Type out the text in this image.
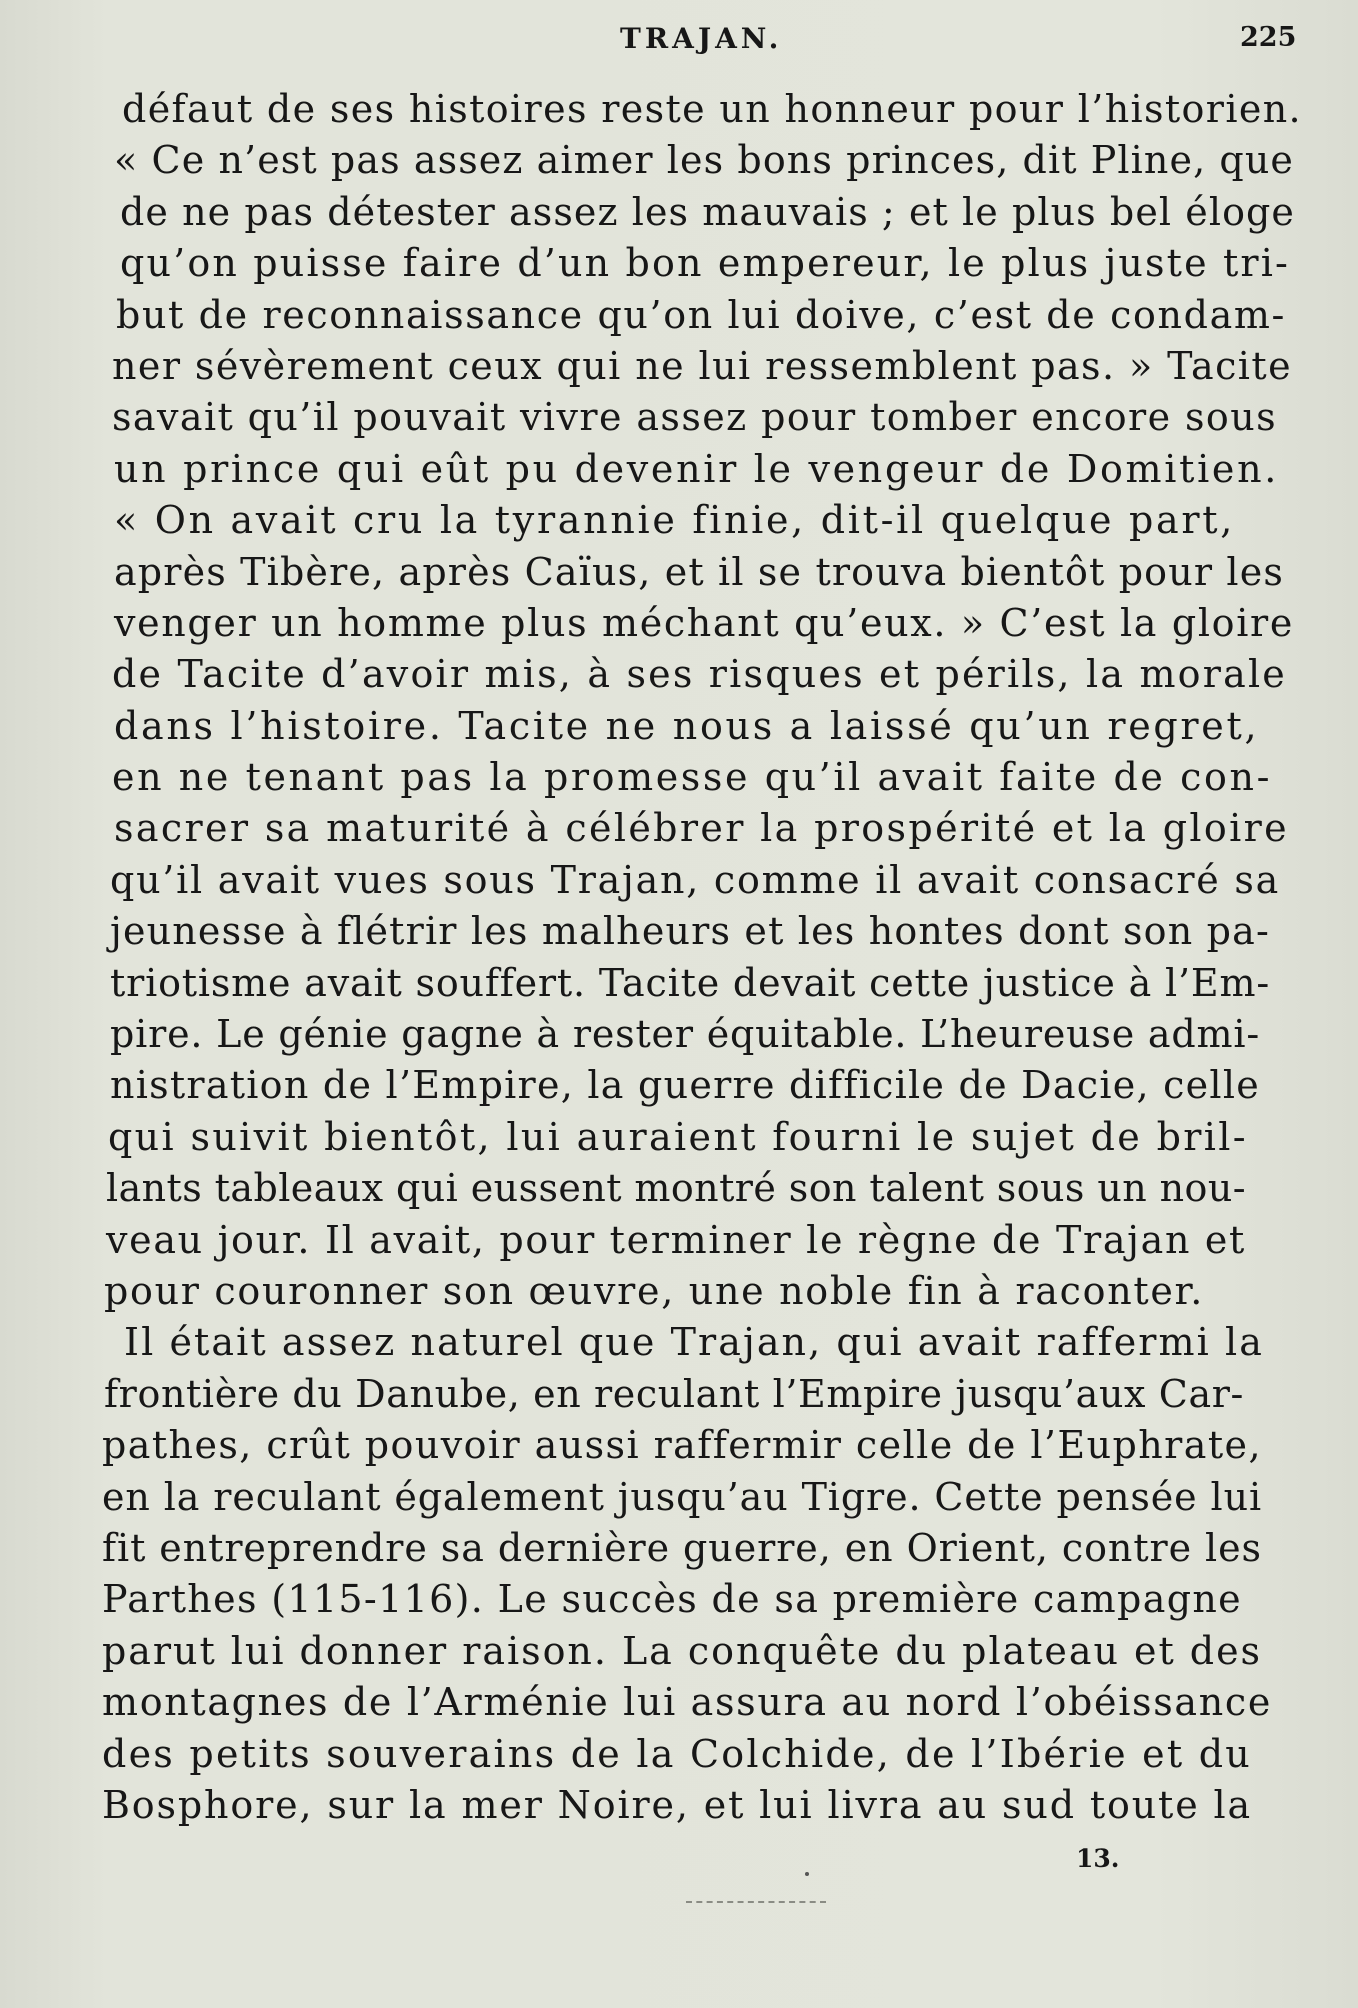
TRAJAN.	225
défaut de ses histoires reste un honneur pour l’historien.
« Ce n’est pas assez aimer les bons princes, dit Pline, que
de ne pas détester assez les mauvais ; et le plus bel éloge
qu’on puisse faire d’un bon empereur, le plus juste tri-
but de reconnaissance qu’on lui doive, c’est de condam-
ner sévèrement ceux qui ne lui ressemblent pas. » Tacite
savait qu’il pouvait vivre assez pour tomber encore sous
un prince qui eût pu devenir le vengeur de Domitien.
« On avait cru la tyrannie finie, dit-il quelque part,
après Tibère, après Caïus, et il se trouva bientôt pour les
venger un homme plus méchant qu’eux. » C’est la gloire
de Tacite d’avoir mis, à ses risques et périls, la morale
dans l’histoire. Tacite ne nous a laissé qu’un regret,
en ne tenant pas la promesse qu’il avait faite de con-
sacrer sa maturité à célébrer la prospérité et la gloire
qu’il avait vues sous Trajan, comme il avait consacré sa
jeunesse à flétrir les malheurs et les hontes dont son pa-
triotisme avait souffert. Tacite devait cette justice à l’Em-
pire. Le génie gagne à rester équitable. L’heureuse admi-
nistration de l’Empire, la guerre difficile de Dacie, celle
qui suivit bientôt, lui auraient fourni le sujet de bril-
lants tableaux qui eussent montré son talent sous un nou-
veau jour. Il avait, pour terminer le règne de Trajan et
pour couronner son œuvre, une noble fin à raconter.
Il était assez naturel que Trajan, qui avait raffermi la
frontière du Danube, en reculant l’Empire jusqu’aux Car-
pathes, crût pouvoir aussi raffermir celle de l’Euphrate,
en la reculant également jusqu’au Tigre. Cette pensée lui
fit entreprendre sa dernière guerre, en Orient, contre les
Parthes (115-116). Le succès de sa première campagne
parut lui donner raison. La conquête du plateau et des
montagnes de l’Arménie lui assura au nord l’obéissance
des petits souverains de la Colchide, de l’Ibérie et du
Bosphore, sur la mer Noire, et lui livra au sud toute la
13.
